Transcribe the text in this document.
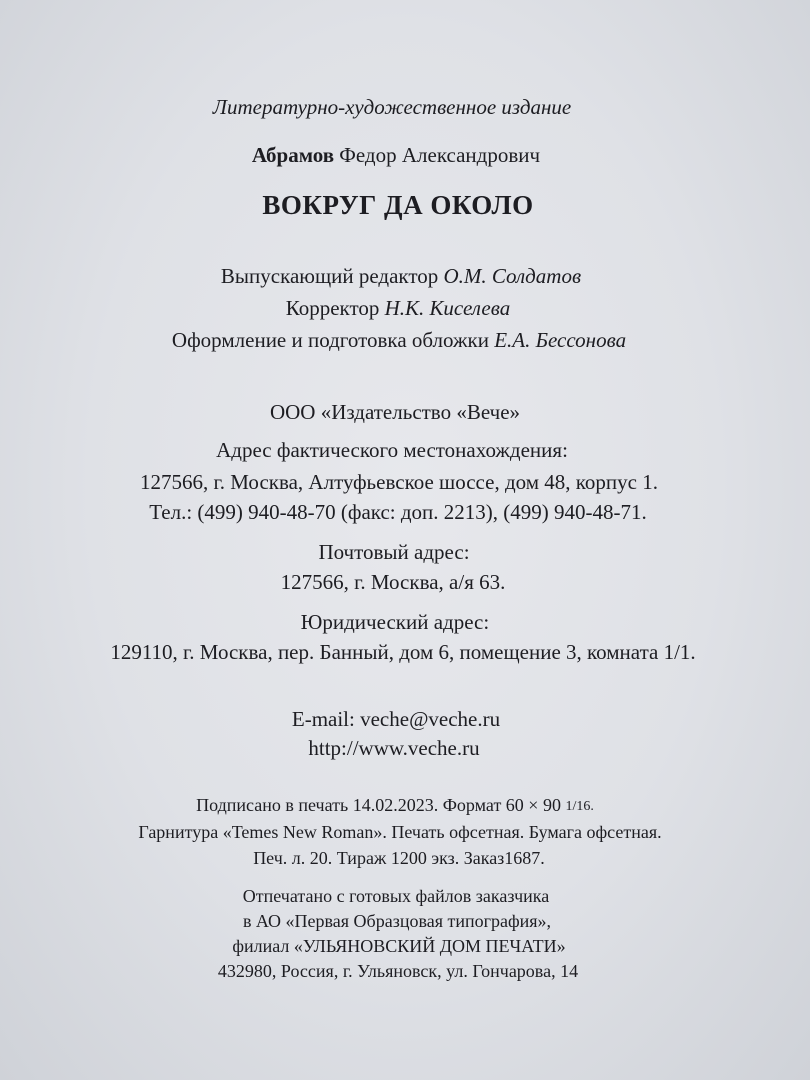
Литературно-художественное издание
Абрамов Федор Александрович
ВОКРУГ ДА ОКОЛО
Выпускающий редактор О.М. Солдатов
Корректор Н.К. Киселева
Оформление и подготовка обложки Е.А. Бессонова
ООО «Издательство «Вече»
Адрес фактического местонахождения:
127566, г. Москва, Алтуфьевское шоссе, дом 48, корпус 1.
Тел.: (499) 940-48-70 (факс: доп. 2213), (499) 940-48-71.
Почтовый адрес:
127566, г. Москва, а/я 63.
Юридический адрес:
129110, г. Москва, пер. Банный, дом 6, помещение 3, комната 1/1.
E-mail: veche@veche.ru
http://www.veche.ru
Подписано в печать 14.02.2023. Формат 60 × 90 1/16.
Гарнитура «Temes New Roman». Печать офсетная. Бумага офсетная.
Печ. л. 20. Тираж 1200 экз. Заказ1687.
Отпечатано с готовых файлов заказчика
в АО «Первая Образцовая типография»,
филиал «УЛЬЯНОВСКИЙ ДОМ ПЕЧАТИ»
432980, Россия, г. Ульяновск, ул. Гончарова, 14
